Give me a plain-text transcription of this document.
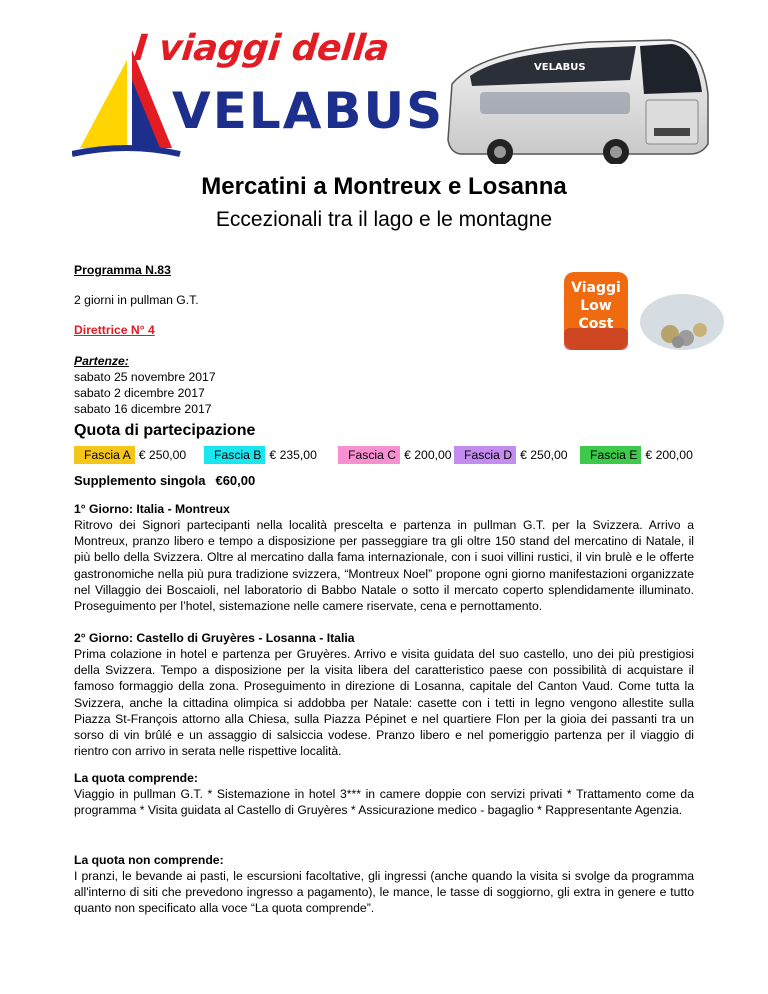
I viaggi della
VELABUS
VELABUS
Mercatini a Montreux e Losanna
Eccezionali tra il lago e le montagne
Programma N.83
2 giorni in pullman G.T.
Direttrice N° 4
Partenze:
sabato 25 novembre 2017
sabato 2 dicembre 2017
sabato 16 dicembre 2017
Viaggi
Low
Cost
Quota di partecipazione
Fascia A € 250,00	Fascia B € 235,00	Fascia C € 200,00	Fascia D € 250,00	Fascia E € 200,00
Supplemento singola €60,00
1° Giorno: Italia - Montreux
Ritrovo dei Signori partecipanti nella località prescelta e partenza in pullman G.T. per la Svizzera. Arrivo a Montreux, pranzo libero e tempo a disposizione per passeggiare tra gli oltre 150 stand del mercatino di Natale, il più bello della Svizzera. Oltre al mercatino dalla fama internazionale, con i suoi villini rustici, il vin brulè e le offerte gastronomiche nella più pura tradizione svizzera, “Montreux Noel” propone ogni giorno manifestazioni organizzate nel Villaggio dei Boscaioli, nel laboratorio di Babbo Natale o sotto il mercato coperto splendidamente illuminato. Proseguimento per l’hotel, sistemazione nelle camere riservate, cena e pernottamento.
2° Giorno: Castello di Gruyères - Losanna - Italia
Prima colazione in hotel e partenza per Gruyères. Arrivo e visita guidata del suo castello, uno dei più prestigiosi della Svizzera. Tempo a disposizione per la visita libera del caratteristico paese con possibilità di acquistare il famoso formaggio della zona. Proseguimento in direzione di Losanna, capitale del Canton Vaud. Come tutta la Svizzera, anche la cittadina olimpica si addobba per Natale: casette con i tetti in legno vengono allestite sulla Piazza St-François attorno alla Chiesa, sulla Piazza Pépinet e nel quartiere Flon per la gioia dei passanti tra un sorso di vin brûlé e un assaggio di salsiccia vodese. Pranzo libero e nel pomeriggio partenza per il viaggio di rientro con arrivo in serata nelle rispettive località.
La quota comprende:
Viaggio in pullman G.T. * Sistemazione in hotel 3*** in camere doppie con servizi privati * Trattamento come da programma * Visita guidata al Castello di Gruyères * Assicurazione medico - bagaglio * Rappresentante Agenzia.
La quota non comprende:
I pranzi, le bevande ai pasti, le escursioni facoltative, gli ingressi (anche quando la visita si svolge da programma all'interno di siti che prevedono ingresso a pagamento), le mance, le tasse di soggiorno, gli extra in genere e tutto quanto non specificato alla voce “La quota comprende”.
